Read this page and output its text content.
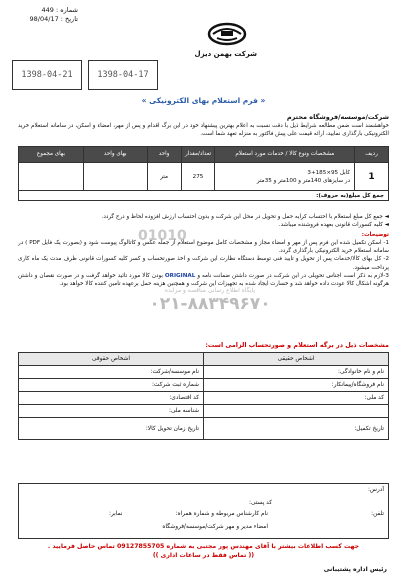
شماره : 449
تاریخ : 98/04/17
شرکت بهمن دیزل
1398-04-21	1398-04-17
« فرم استعلام بهای الکترونیکی »
شرکت/موسسه/فروشگاه محترم
خواهشمند است ضمن مطالعه شرایط ذیل با دقت نسبت به اعلام بهترین پیشنهاد خود در این برگ اقدام و پس از مهر، امضاء و اسکن، در سامانه استعلام خرید الکترونیکی بارگذاری نمایید، ارائه قیمت علی پیش فاکتور به منزله تعهد شما است.
ردیف	مشخصات ونوع کالا / خدمات مورد استعلام	تعداد/مقدار	واحد	بهای واحد	بهای مجموع
1	کابل 95×185+3
در سایزهای 140متر و 100متر و 35متر	275	متر		
جمع کل مبلغ(به حروف):					
01010
◄ جمع کل مبلغ استعلام با احتساب کرایه حمل و تحویل در محل این شرکت و بدون احتساب ارزش افزوده لحاظ و درج گردد.
◄ کلیه کسورات قانونی بعهده فروشنده میباشد.
توضیحات:
1- اسکن تکمیل شده این فرم پس از مهر و امضاء مجاز و مشخصات کامل موضوع استعلام از جمله عکس و کاتالوگ پیوست شود و (بصورت یک فایل PDF ) در سامانه استعلام خرید الکترونیکی بارگذاری گردد.
2- کل بهای کالا/خدمات پس از تحویل و تایید فنی توسط دستگاه نظارت این شرکت و اخذ صورتحساب و کسر کلیه کسورات قانونی ظرف مدت یک ماه کاری پرداخت میشود.
3-لازم به ذکر است اجناس تحویلی در این شرکت در صورت داشتن ضمانت نامه و ORIGINAL بودن کالا مورد تائید خواهد گرفت و در صورت نقصان و داشتن هرگونه اشکال کالا عودت داده خواهد شد و خسارت ایجاد شده به تجهیزات این شرکت و همچنین هزینه حمل برعهده تامین کننده کالا خواهد بود.
پایگاه اطلاع رسانی مناقصه و مزایده
۰۲۱-۸۸۳۴۹۶۷۰
مشخصات ذیل در برگه استعلام و صورتحساب الزامی است:
اشخاص حقیقی	اشخاص حقوقی
نام و نام خانوادگی:	نام موسسه/شرکت:
نام فروشگاه/پیمانکار:	شماره ثبت شرکت:
کد ملی:	کد اقتصادی:
	شناسه ملی:
تاریخ تکمیل:	تاریخ زمان تحویل کالا:
آدرس:
کد پستی:
تلفن:
نام کارشناس مربوطه و شماره همراه:
نمابر:
امضاء مدیر و مهر شرکت/موسسه/فروشگاه
جهت کسب اطلاعات بیشتر با آقای مهندس پور مجتبی به شماره 09127855705 تماس حاصل فرمایید .
(( تماس فقط در ساعات اداری ))
رئیس اداره پشتیبانی
